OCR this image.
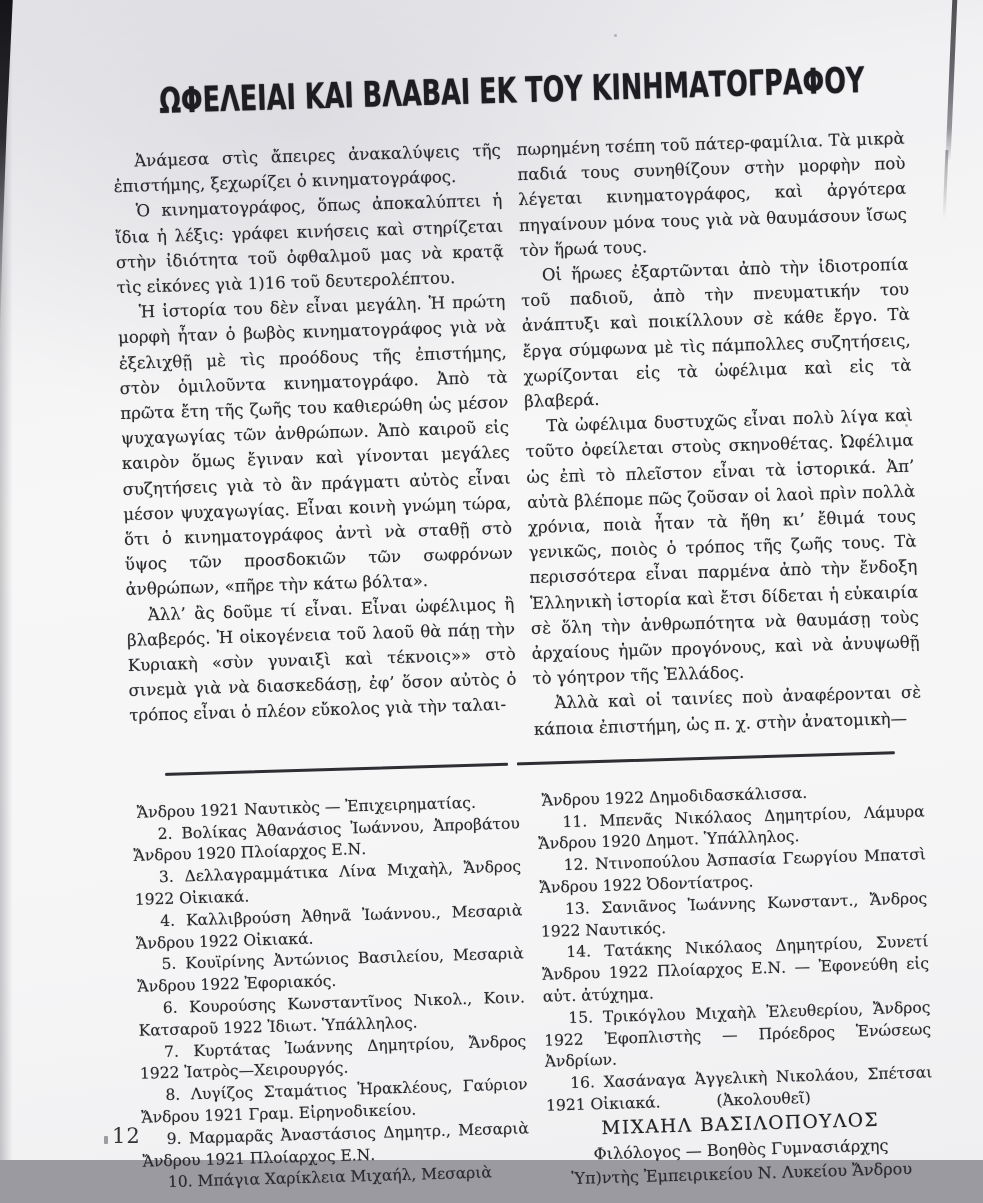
ΩΦΕΛΕΙΑΙ ΚΑΙ ΒΛΑΒΑΙ ΕΚ ΤΟΥ ΚΙΝΗΜΑΤΟΓΡΑΦΟΥ

Ἀνάμεσα στὶς ἄπειρες ἀνακαλύψεις τῆς ἐπιστήμης, ξεχωρίζει ὁ κινηματογράφος.

Ὁ κινηματογράφος, ὅπως ἀποκαλύπτει ἡ ἴδια ἡ λέξις: γράφει κινήσεις καὶ στηρίζεται στὴν ἰδιότητα τοῦ ὀφθαλμοῦ μας νὰ κρατᾷ τὶς εἰκόνες γιὰ 1)16 τοῦ δευτερολέπτου.

Ἡ ἱστορία του δὲν εἶναι μεγάλη. Ἡ πρώτη μορφὴ ἦταν ὁ βωβὸς κινηματογράφος γιὰ νὰ ἐξελιχθῇ μὲ τὶς προόδους τῆς ἐπιστήμης, στὸν ὁμιλοῦντα κινηματογράφο. Ἀπὸ τὰ πρῶτα ἔτη τῆς ζωῆς του καθιερώθη ὡς μέσον ψυχαγωγίας τῶν ἀνθρώπων. Ἀπὸ καιροῦ εἰς καιρὸν ὅμως ἔγιναν καὶ γίνονται μεγάλες συζητήσεις γιὰ τὸ ἂν πράγματι αὐτὸς εἶναι μέσον ψυχαγωγίας. Εἶναι κοινὴ γνώμη τώρα, ὅτι ὁ κινηματογράφος ἀντὶ νὰ σταθῇ στὸ ὕψος τῶν προσδοκιῶν τῶν σωφρόνων ἀνθρώπων, «πῆρε τὴν κάτω βόλτα».

Ἀλλ’ ἂς δοῦμε τί εἶναι. Εἶναι ὠφέλιμος ἢ βλαβερός. Ἡ οἰκογένεια τοῦ λαοῦ θὰ πάῃ τὴν Κυριακὴ «σὺν γυναιξὶ καὶ τέκνοις»» στὸ σινεμὰ γιὰ νὰ διασκεδάσῃ, ἐφ’ ὅσον αὐτὸς ὁ τρόπος εἶναι ὁ πλέον εὔκολος γιὰ τὴν ταλαι-

πωρημένη τσέπη τοῦ πάτερ-φαμίλια. Τὰ μικρὰ παδιά τους συνηθίζουν στὴν μορφὴν ποὺ λέγεται κινηματογράφος, καὶ ἀργότερα πηγαίνουν μόνα τους γιὰ νὰ θαυμάσουν ἴσως τὸν ἥρωά τους.

Οἱ ἥρωες ἐξαρτῶνται ἀπὸ τὴν ἰδιοτροπία τοῦ παδιοῦ, ἀπὸ τὴν πνευματικήν του ἀνάπτυξι καὶ ποικίλλουν σὲ κάθε ἔργο. Τὰ ἔργα σύμφωνα μὲ τὶς πάμπολλες συζητήσεις, χωρίζονται εἰς τὰ ὠφέλιμα καὶ εἰς τὰ βλαβερά.

Τὰ ὠφέλιμα δυστυχῶς εἶναι πολὺ λίγα καὶ τοῦτο ὀφείλεται στοὺς σκηνοθέτας. Ὠφέλιμα ὡς ἐπὶ τὸ πλεῖστον εἶναι τὰ ἱστορικά. Ἀπ’ αὐτὰ βλέπομε πῶς ζοῦσαν οἱ λαοὶ πρὶν πολλὰ χρόνια, ποιὰ ἦταν τὰ ἤθη κι’ ἔθιμά τους γενικῶς, ποιὸς ὁ τρόπος τῆς ζωῆς τους. Τὰ περισσότερα εἶναι παρμένα ἀπὸ τὴν ἔνδοξη Ἑλληνικὴ ἱστορία καὶ ἔτσι δίδεται ἡ εὐκαιρία σὲ ὅλη τὴν ἀνθρωπότητα νὰ θαυμάσῃ τοὺς ἀρχαίους ἡμῶν προγόνους, καὶ νὰ ἀνυψωθῇ τὸ γόητρον τῆς Ἑλλάδος.

Ἀλλὰ καὶ οἱ ταινίες ποὺ ἀναφέρονται σὲ κάποια ἐπιστήμη, ὡς π. χ. στὴν ἀνατομικὴ—

Ἄνδρου 1921 Ναυτικὸς — Ἐπιχειρηματίας.

2. Βολίκας Ἀθανάσιος Ἰωάννου, Ἀπροβάτου Ἄνδρου 1920 Πλοίαρχος Ε.Ν.

3. Δελλαγραμμάτικα Λίνα Μιχαὴλ, Ἄνδρος 1922 Οἰκιακά.

4. Καλλιβρούση Ἀθηνᾶ Ἰωάννου., Μεσαριὰ Ἄνδρου 1922 Οἰκιακά.

5. Κουϊρίνης Ἀντώνιος Βασιλείου, Μεσαριὰ Ἄνδρου 1922 Ἐφοριακός.

6. Κουρούσης Κωνσταντῖνος Νικολ., Κοιν. Κατσαροῦ 1922 Ἰδιωτ. Ὑπάλληλος.

7. Κυρτάτας Ἰωάννης Δημητρίου, Ἄνδρος 1922 Ἰατρὸς—Χειρουργός.

8. Λυγίζος Σταμάτιος Ἡρακλέους, Γαύριον Ἄνδρου 1921 Γραμ. Εἰρηνοδικείου.

9. Μαρμαρᾶς Ἀναστάσιος Δημητρ., Μεσαριὰ Ἄνδρου 1921 Πλοίαρχος Ε.Ν.

10. Μπάγια Χαρίκλεια Μιχαήλ, Μεσαριὰ

Ἄνδρου 1922 Δημοδιδασκάλισσα.

11. Μπενᾶς Νικόλαος Δημητρίου, Λάμυρα Ἄνδρου 1920 Δημοτ. Ὑπάλληλος.

12. Ντινοπούλου Ἀσπασία Γεωργίου Μπατσὶ Ἄνδρου 1922 Ὀδοντίατρος.

13. Σανιᾶνος Ἰωάννης Κωνσταντ., Ἄνδρος 1922 Ναυτικός.

14. Τατάκης Νικόλαος Δημητρίου, Συνετί Ἄνδρου 1922 Πλοίαρχος Ε.Ν. — Ἐφονεύθη εἰς αὐτ. ἀτύχημα.

15. Τρικόγλου Μιχαὴλ Ἐλευθερίου, Ἄνδρος 1922 Ἐφοπλιστὴς — Πρόεδρος Ἑνώσεως Ἀνδρίων.

16. Χασάναγα Ἀγγελικὴ Νικολάου, Σπέτσαι 1921 Οἰκιακά.	(Ἀκολουθεῖ)

ΜΙΧΑΗΛ ΒΑΣΙΛΟΠΟΥΛΟΣ
Φιλόλογος — Βοηθὸς Γυμνασιάρχης
Ὑπ)ντὴς Ἐμπειρικείου Ν. Λυκείου Ἄνδρου
12
